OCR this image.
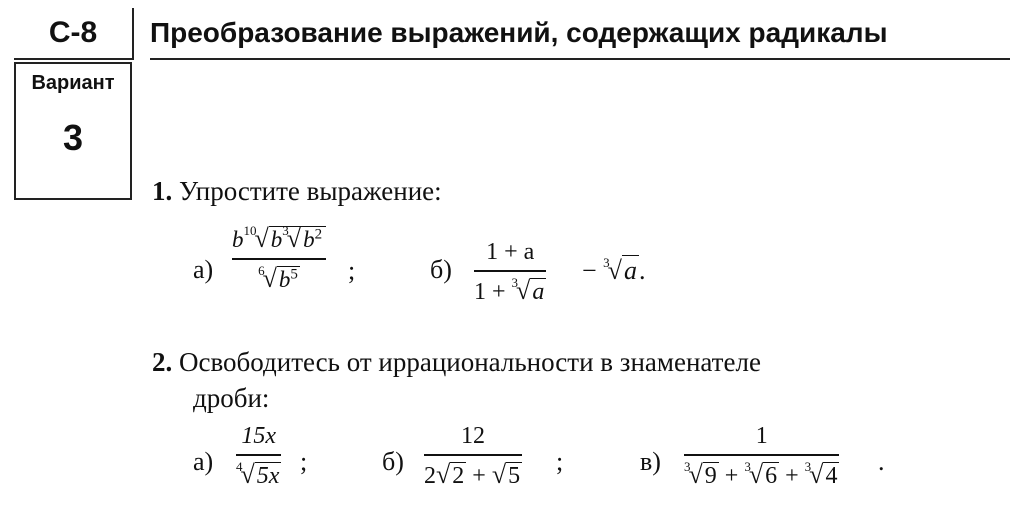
С-8	Преобразование выражений, содержащих радикалы
Вариант
3
1. Упростите выражение:
а)
$b^{10}√b^3√b^2$
$^6√b^5$ ;	б)
1 + a
1 + $^3$√a
− $^3$√a.
2. Освободитесь от иррациональности в знаменателе
дроби:
а)
15x
$^4$√5x ;	б)
12
2√2 + √5 ;	в)
1
$^3$√9 + $^3$√6 + $^3$√4 .
